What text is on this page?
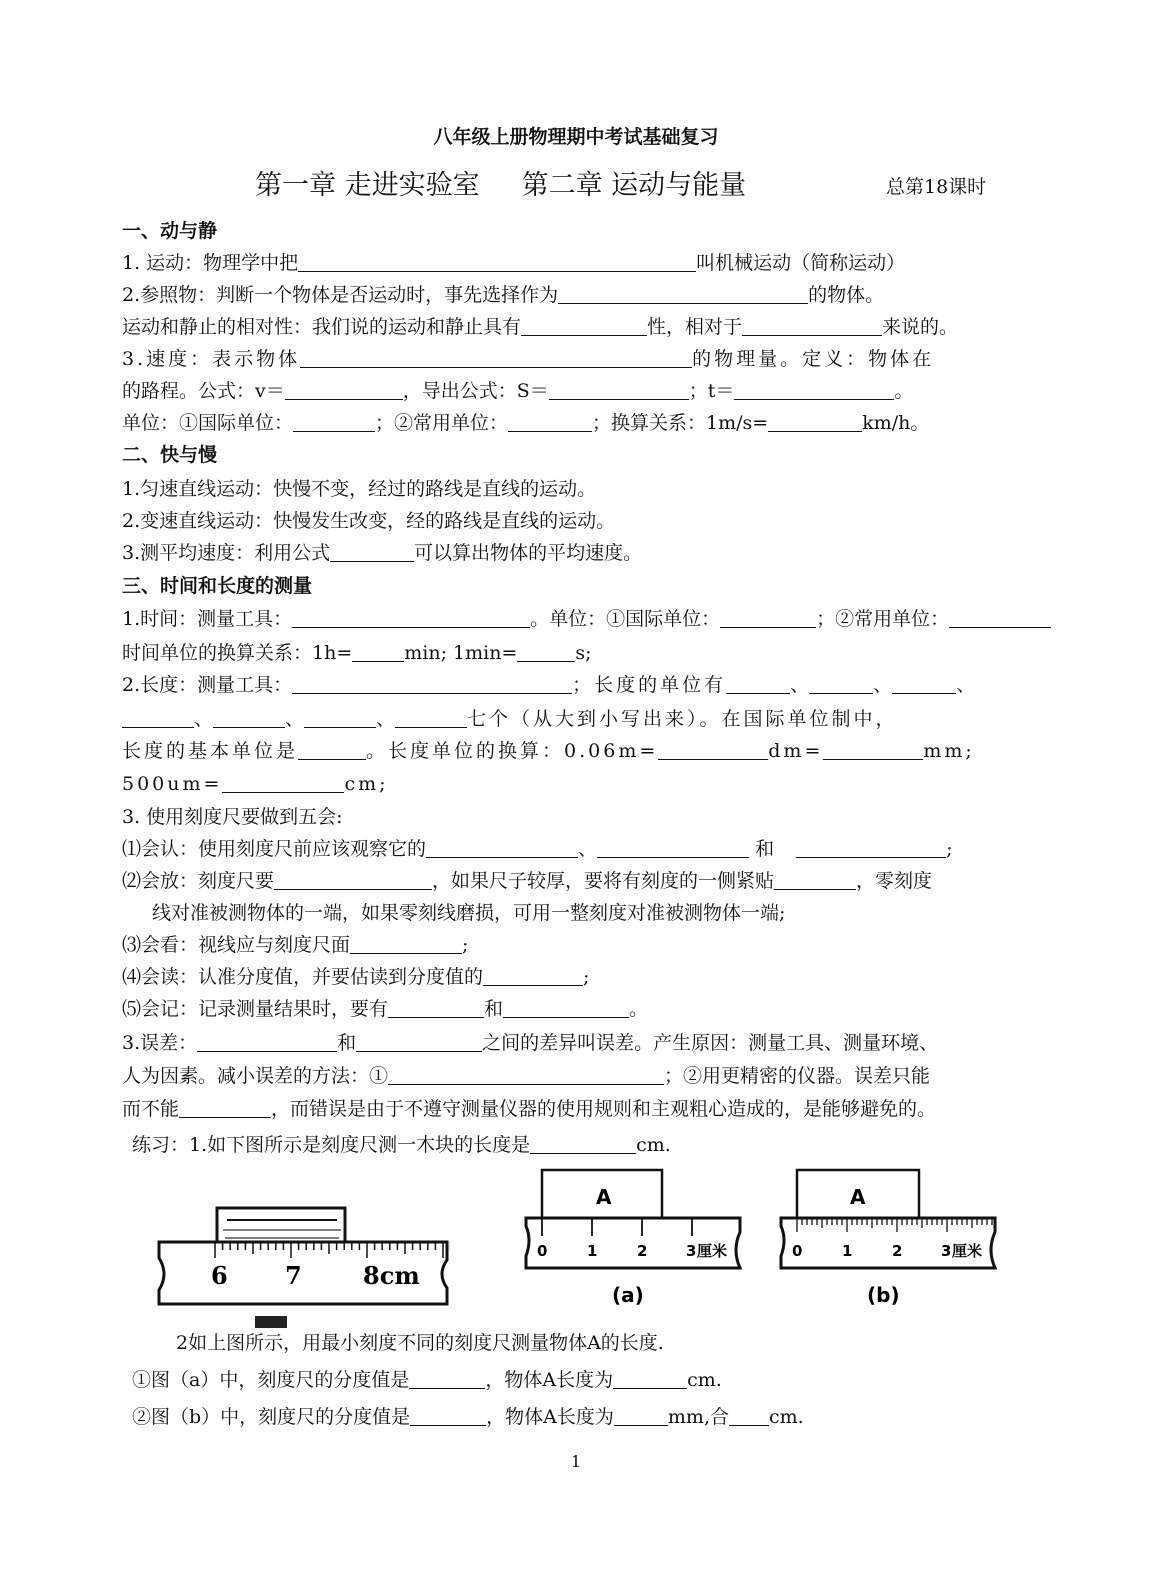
八年级上册物理期中考试基础复习
第一章 走进实验室 第二章 运动与能量	总第18课时
一、动与静
1. 运动：物理学中把	叫机械运动（简称运动）
2.参照物：判断一个物体是否运动时，事先选择作为	的物体。
运动和静止的相对性：我们说的运动和静止具有	性，相对于	来说的。
3.速度：表示物体	的物理量。定义：物体在
的路程。公式：v＝	，导出公式：S＝	；t＝	。
单位：①国际单位：	；②常用单位：	；换算关系：1m/s=	km/h。
二、快与慢
1.匀速直线运动：快慢不变，经过的路线是直线的运动。
2.变速直线运动：快慢发生改变，经的路线是直线的运动。
3.测平均速度：利用公式	可以算出物体的平均速度。
三、时间和长度的测量
1.时间：测量工具：	。单位：①国际单位：	；②常用单位：
时间单位的换算关系：1h=	min; 1min=	s;
2.长度：测量工具：	；长度的单位有	、	、	、
、	、	、	七个（从大到小写出来）。在国际单位制中，
长度的基本单位是	。长度单位的换算：0.06m=	dm=	mm;
500um=	cm;
3. 使用刻度尺要做到五会:
⑴会认：使用刻度尺前应该观察它的	、	和	;
⑵会放：刻度尺要	，如果尺子较厚，要将有刻度的一侧紧贴	，零刻度
线对准被测物体的一端，如果零刻线磨损，可用一整刻度对准被测物体一端;
⑶会看：视线应与刻度尺面	;
⑷会读：认准分度值，并要估读到分度值的	;
⑸会记：记录测量结果时，要有	和	。
3.误差：	和	之间的差异叫误差。产生原因：测量工具、测量环境、
人为因素。减小误差的方法：①	；②用更精密的仪器。误差只能
而不能	，而错误是由于不遵守测量仪器的使用规则和主观粗心造成的，是能够避免的。
练习：1.如下图所示是刻度尺测一木块的长度是	cm.
6 7	8cm
A
0	1	2	3 厘米
(a)
A
0	1	2	3 厘米
(b)
2如上图所示，用最小刻度不同的刻度尺测量物体A的长度.
①图（a）中，刻度尺的分度值是	，物体A长度为	cm.
②图（b）中，刻度尺的分度值是	，物体A长度为	mm,合 cm.
1
